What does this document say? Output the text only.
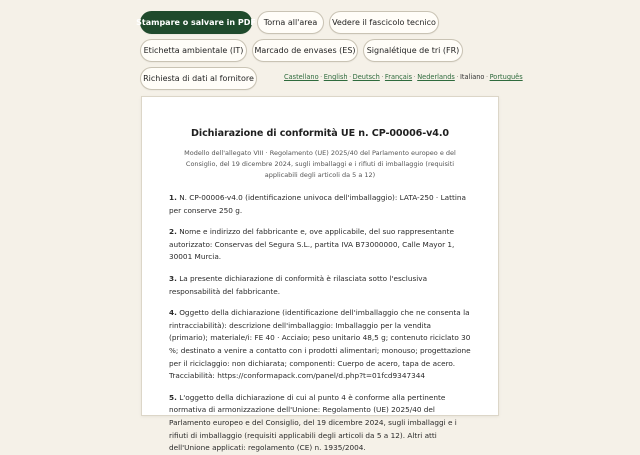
Stampare o salvare in PDF Torna all'area	Vedere il fascicolo tecnico
Etichetta ambientale (IT)	Marcado de envases (ES)	Signalétique de tri (FR)
Richiesta di dati al fornitore	Castellano · English · Deutsch · Français · Nederlands · Italiano · Português
Dichiarazione di conformità UE n. CP-00006-v4.0
Modello dell'allegato VIII · Regolamento (UE) 2025/40 del Parlamento europeo e del Consiglio, del 19 dicembre 2024, sugli imballaggi e i rifiuti di imballaggio (requisiti applicabili degli articoli da 5 a 12)

1. N. CP-00006-v4.0 (identificazione univoca dell'imballaggio): LATA-250 · Lattina per conserve 250 g.

2. Nome e indirizzo del fabbricante e, ove applicabile, del suo rappresentante autorizzato: Conservas del Segura S.L., partita IVA B73000000, Calle Mayor 1, 30001 Murcia.

3. La presente dichiarazione di conformità è rilasciata sotto l'esclusiva responsabilità del fabbricante.

4. Oggetto della dichiarazione (identificazione dell'imballaggio che ne consenta la rintracciabilità): descrizione dell'imballaggio: Imballaggio per la vendita (primario); materiale/i: FE 40 · Acciaio; peso unitario 48,5 g; contenuto riciclato 30 %; destinato a venire a contatto con i prodotti alimentari; monouso; progettazione per il riciclaggio: non dichiarata; componenti: Cuerpo de acero, tapa de acero. Tracciabilità: https://conformapack.com/panel/d.php?t=01fcd9347344

5. L'oggetto della dichiarazione di cui al punto 4 è conforme alla pertinente normativa di armonizzazione dell'Unione: Regolamento (UE) 2025/40 del Parlamento europeo e del Consiglio, del 19 dicembre 2024, sugli imballaggi e i rifiuti di imballaggio (requisiti applicabili degli articoli da 5 a 12). Altri atti dell'Unione applicati: regolamento (CE) n. 1935/2004.
